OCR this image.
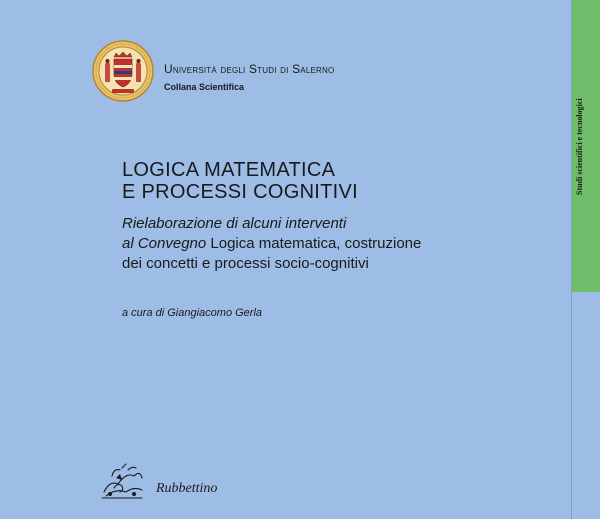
Studi scientifici e tecnologici
Università degli Studi di Salerno
Collana Scientifica
LOGICA MATEMATICA
E PROCESSI COGNITIVI
Rielaborazione di alcuni interventi
al Convegno Logica matematica, costruzione
dei concetti e processi socio-cognitivi
a cura di Giangiacomo Gerla
Rubbettino
